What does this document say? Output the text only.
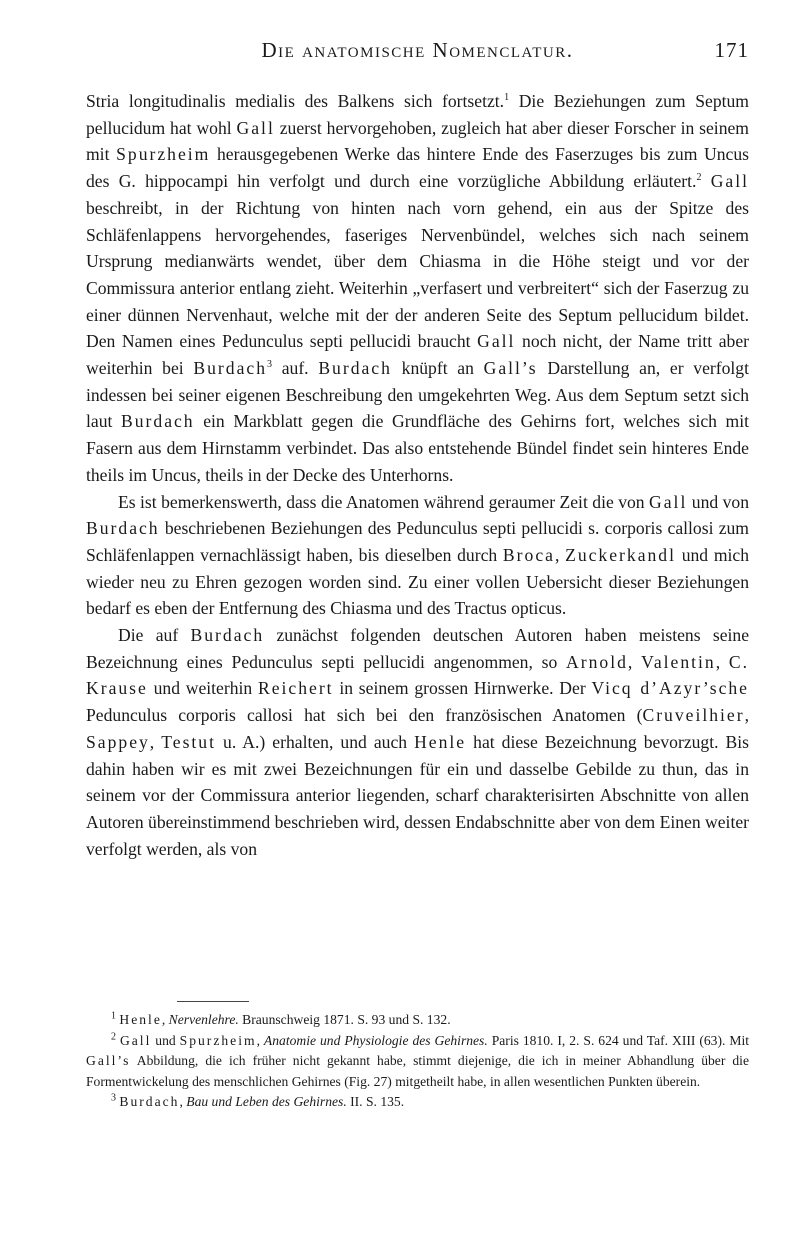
Die anatomische Nomenclatur.	171

Stria longitudinalis medialis des Balkens sich fortsetzt.$^1$ Die Beziehungen zum Septum pellucidum hat wohl Gall zuerst hervorgehoben, zugleich hat aber dieser Forscher in seinem mit Spurzheim herausgegebenen Werke das hintere Ende des Faserzuges bis zum Uncus des G. hippocampi hin verfolgt und durch eine vorzügliche Abbildung erläutert.$^2$ Gall beschreibt, in der Richtung von hinten nach vorn gehend, ein aus der Spitze des Schläfenlappens hervorgehendes, faseriges Nervenbündel, welches sich nach seinem Ursprung medianwärts wendet, über dem Chiasma in die Höhe steigt und vor der Commissura anterior entlang zieht. Weiterhin „verfasert und verbreitert“ sich der Faserzug zu einer dünnen Nervenhaut, welche mit der der anderen Seite des Septum pellucidum bildet. Den Namen eines Pedunculus septi pellucidi braucht Gall noch nicht, der Name tritt aber weiterhin bei Burdach$^3$ auf. Burdach knüpft an Gall’s Darstellung an, er verfolgt indessen bei seiner eigenen Beschreibung den umgekehrten Weg. Aus dem Septum setzt sich laut Burdach ein Markblatt gegen die Grundfläche des Gehirns fort, welches sich mit Fasern aus dem Hirnstamm verbindet. Das also entstehende Bündel findet sein hinteres Ende theils im Uncus, theils in der Decke des Unterhorns.

Es ist bemerkenswerth, dass die Anatomen während geraumer Zeit die von Gall und von Burdach beschriebenen Beziehungen des Pedunculus septi pellucidi s. corporis callosi zum Schläfenlappen vernachlässigt haben, bis dieselben durch Broca, Zuckerkandl und mich wieder neu zu Ehren gezogen worden sind. Zu einer vollen Uebersicht dieser Beziehungen bedarf es eben der Entfernung des Chiasma und des Tractus opticus.

Die auf Burdach zunächst folgenden deutschen Autoren haben meistens seine Bezeichnung eines Pedunculus septi pellucidi angenommen, so Arnold, Valentin, C. Krause und weiterhin Reichert in seinem grossen Hirnwerke. Der Vicq d’Azyr’sche Pedunculus corporis callosi hat sich bei den französischen Anatomen (Cruveilhier, Sappey, Testut u. A.) erhalten, und auch Henle hat diese Bezeichnung bevorzugt. Bis dahin haben wir es mit zwei Bezeichnungen für ein und dasselbe Gebilde zu thun, das in seinem vor der Commissura anterior liegenden, scharf charakterisirten Abschnitte von allen Autoren übereinstimmend beschrieben wird, dessen Endabschnitte aber von dem Einen weiter verfolgt werden, als von

$^1$ Henle, Nervenlehre. Braunschweig 1871. S. 93 und S. 132.

$^2$ Gall und Spurzheim, Anatomie und Physiologie des Gehirnes. Paris 1810. I, 2. S. 624 und Taf. XIII (63). Mit Gall’s Abbildung, die ich früher nicht gekannt habe, stimmt diejenige, die ich in meiner Abhandlung über die Formentwickelung des menschlichen Gehirnes (Fig. 27) mitgetheilt habe, in allen wesentlichen Punkten überein.

$^3$ Burdach, Bau und Leben des Gehirnes. II. S. 135.
